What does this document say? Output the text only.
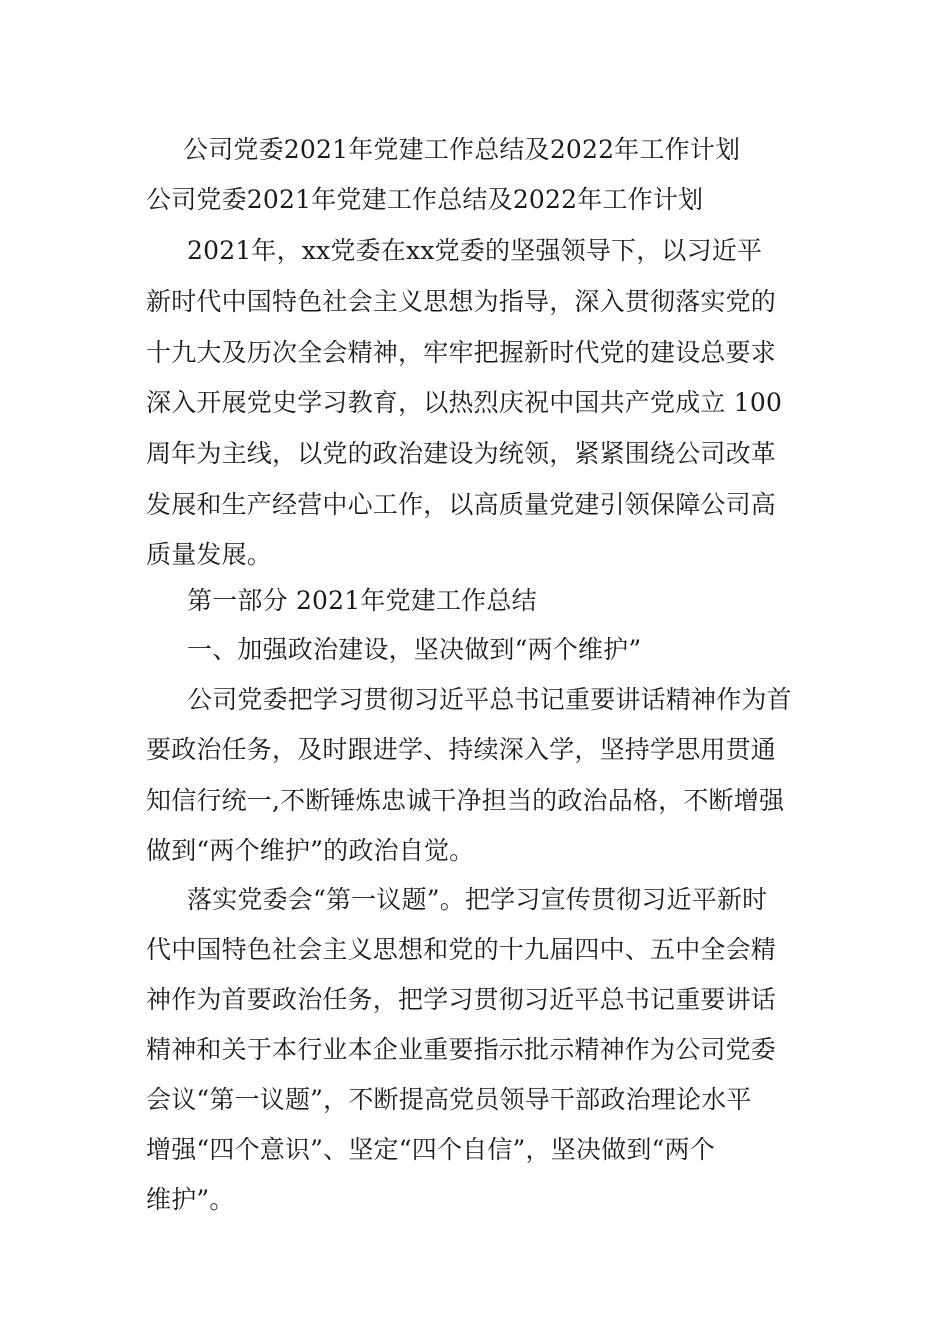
公司党委2021年党建工作总结及2022年工作计划
公司党委2021年党建工作总结及2022年工作计划
2021年，xx党委在xx党委的坚强领导下，以习近平
新时代中国特色社会主义思想为指导，深入贯彻落实党的
十九大及历次全会精神，牢牢把握新时代党的建设总要求
深入开展党史学习教育，以热烈庆祝中国共产党成立 100
周年为主线，以党的政治建设为统领，紧紧围绕公司改革
发展和生产经营中心工作，以高质量党建引领保障公司高
质量发展。
第一部分 2021年党建工作总结
一、加强政治建设，坚决做到“两个维护”
公司党委把学习贯彻习近平总书记重要讲话精神作为首
要政治任务，及时跟进学、持续深入学，坚持学思用贯通
知信行统一,不断锤炼忠诚干净担当的政治品格，不断增强
做到“两个维护”的政治自觉。
落实党委会“第一议题”。把学习宣传贯彻习近平新时
代中国特色社会主义思想和党的十九届四中、五中全会精
神作为首要政治任务，把学习贯彻习近平总书记重要讲话
精神和关于本行业本企业重要指示批示精神作为公司党委
会议“第一议题”，不断提高党员领导干部政治理论水平
增强“四个意识”、坚定“四个自信”，坚决做到“两个
维护”。
